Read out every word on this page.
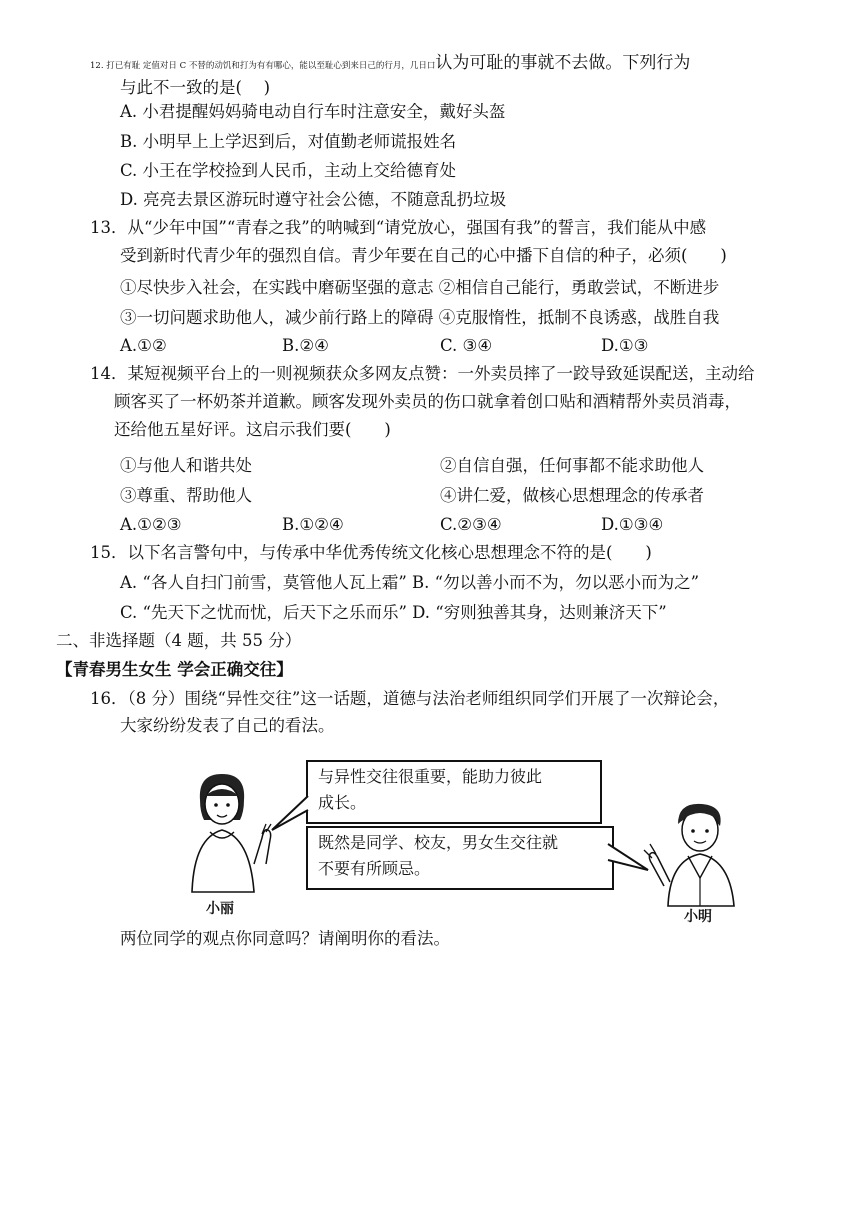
12. 打已有耻 定值对日 C 不替的动饥和打为有有哪心，能以至耻心到来日己的行月，几日口认为可耻的事就不去做。下列行为
与此不一致的是(　 )
A. 小君提醒妈妈骑电动自行车时注意安全，戴好头盔
B. 小明早上上学迟到后，对值勤老师谎报姓名
C. 小王在学校捡到人民币，主动上交给德育处
D. 亮亮去景区游玩时遵守社会公德，不随意乱扔垃圾
13．从“少年中国”“青春之我”的呐喊到“请党放心，强国有我”的誓言，我们能从中感
受到新时代青少年的强烈自信。青少年要在自己的心中播下自信的种子，必须(　　)
①尽快步入社会，在实践中磨砺坚强的意志 ②相信自己能行，勇敢尝试，不断进步
③一切问题求助他人，减少前行路上的障碍 ④克服惰性，抵制不良诱惑，战胜自我
A.①②	B.②④	C. ③④	D.①③
14．某短视频平台上的一则视频获众多网友点赞：一外卖员摔了一跤导致延误配送，主动给
顾客买了一杯奶茶并道歉。顾客发现外卖员的伤口就拿着创口贴和酒精帮外卖员消毒，
还给他五星好评。这启示我们要(　　)
①与他人和谐共处	②自信自强，任何事都不能求助他人
③尊重、帮助他人	④讲仁爱，做核心思想理念的传承者
A.①②③	B.①②④	C.②③④	D.①③④
15．以下名言警句中，与传承中华优秀传统文化核心思想理念不符的是(　　)
A. “各人自扫门前雪，莫管他人瓦上霜” B. “勿以善小而不为，勿以恶小而为之”
C. “先天下之忧而忧，后天下之乐而乐” D. “穷则独善其身，达则兼济天下”
二、非选择题（4 题，共 55 分）
【青春男生女生 学会正确交往】
16．（8 分）围绕“异性交往”这一话题，道德与法治老师组织同学们开展了一次辩论会，
大家纷纷发表了自己的看法。
与异性交往很重要，能助力彼此
成长。
既然是同学、校友，男女生交往就
不要有所顾忌。
小丽	小明
两位同学的观点你同意吗？请阐明你的看法。
